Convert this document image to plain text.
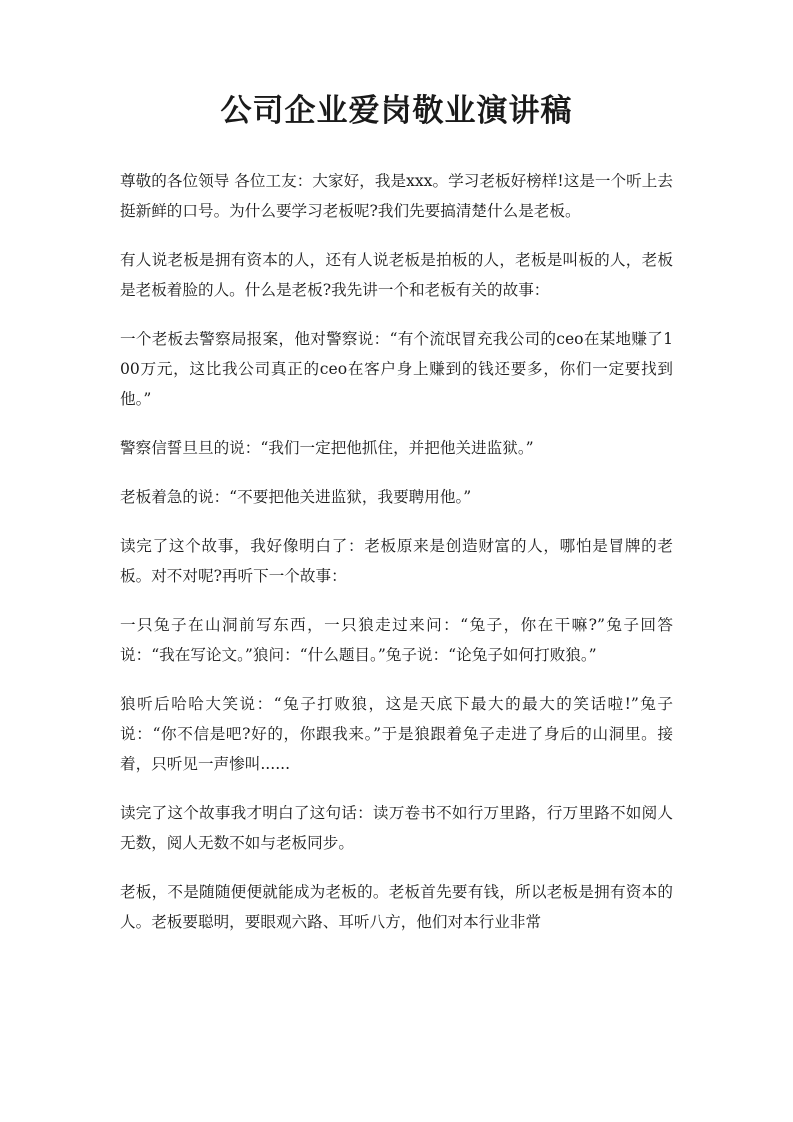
公司企业爱岗敬业演讲稿

尊敬的各位领导 各位工友：大家好，我是xxx。学习老板好榜样!这是一个听上去挺新鲜的口号。为什么要学习老板呢?我们先要搞清楚什么是老板。

有人说老板是拥有资本的人，还有人说老板是拍板的人，老板是叫板的人，老板是老板着脸的人。什么是老板?我先讲一个和老板有关的故事：

一个老板去警察局报案，他对警察说：“有个流氓冒充我公司的ceo在某地赚了100万元，这比我公司真正的ceo在客户身上赚到的钱还要多，你们一定要找到他。”

警察信誓旦旦的说：“我们一定把他抓住，并把他关进监狱。”

老板着急的说：“不要把他关进监狱，我要聘用他。”

读完了这个故事，我好像明白了：老板原来是创造财富的人，哪怕是冒牌的老板。对不对呢?再听下一个故事：

一只兔子在山洞前写东西，一只狼走过来问：“兔子，你在干嘛?”兔子回答说：“我在写论文。”狼问：“什么题目。”兔子说：“论兔子如何打败狼。”

狼听后哈哈大笑说：“兔子打败狼，这是天底下最大的最大的笑话啦!”兔子说：“你不信是吧?好的，你跟我来。”于是狼跟着兔子走进了身后的山洞里。接着，只听见一声惨叫......

读完了这个故事我才明白了这句话：读万卷书不如行万里路，行万里路不如阅人无数，阅人无数不如与老板同步。

老板，不是随随便便就能成为老板的。老板首先要有钱，所以老板是拥有资本的人。老板要聪明，要眼观六路、耳听八方，他们对本行业非常
